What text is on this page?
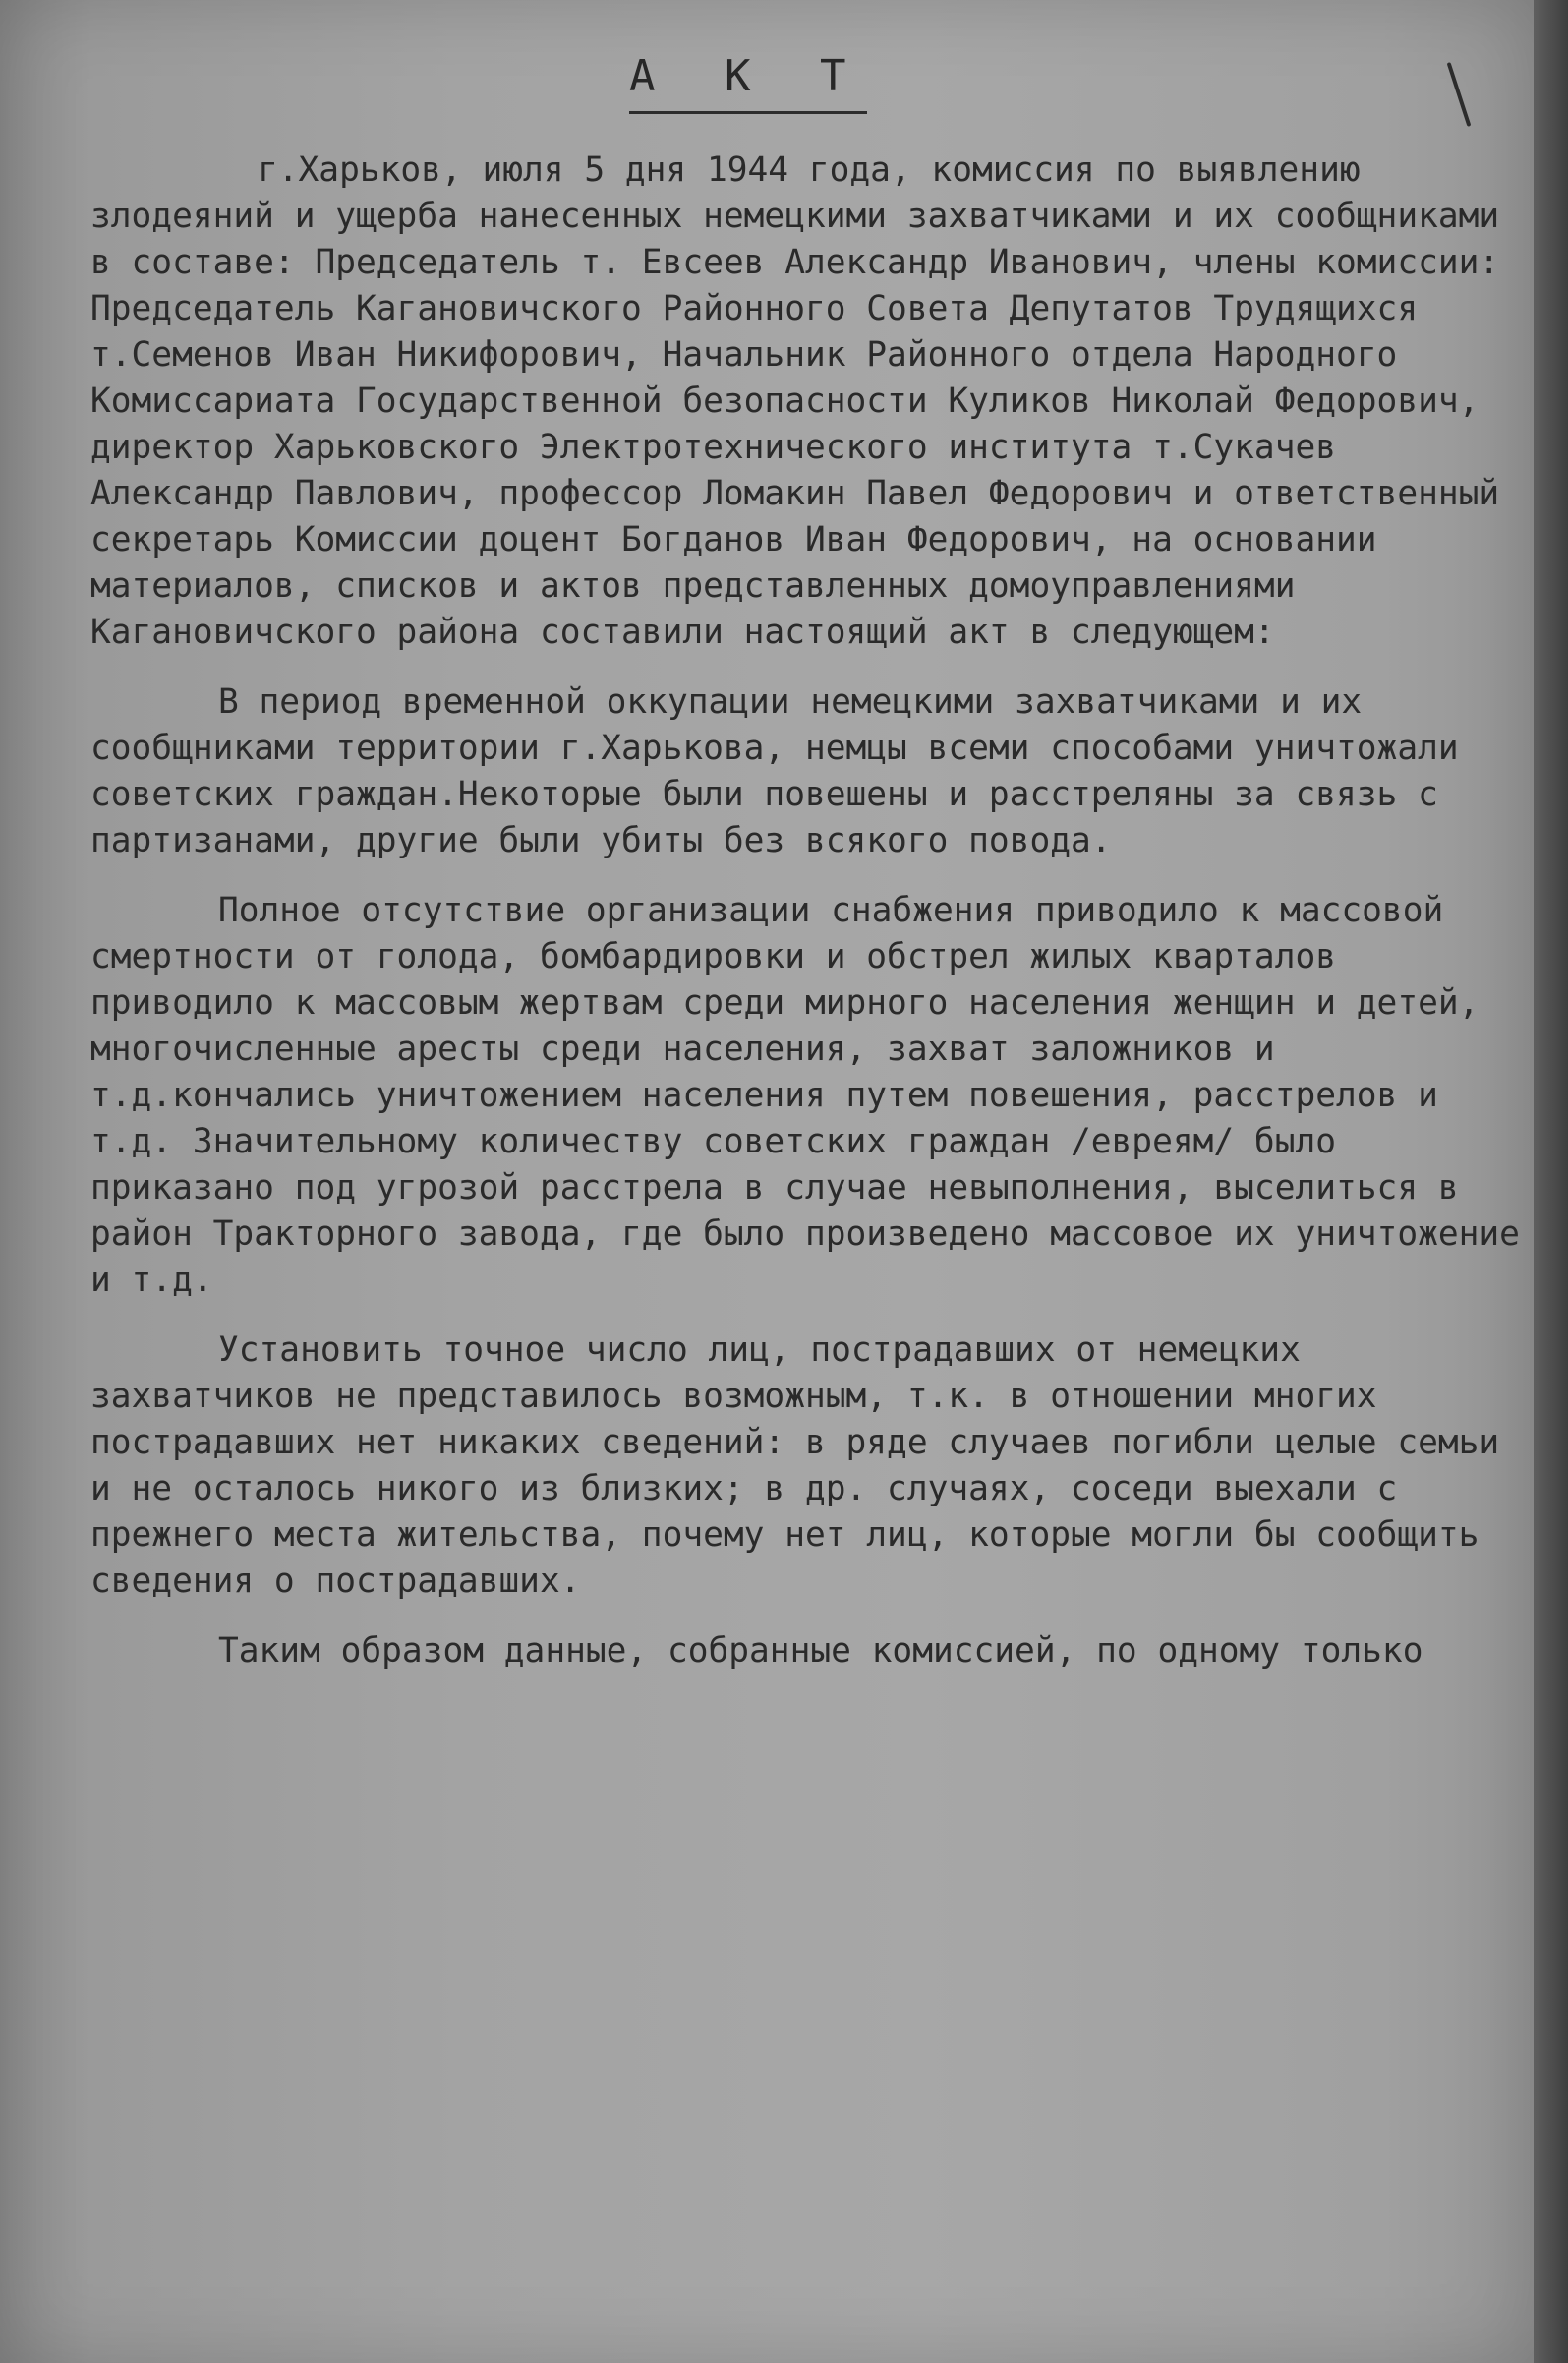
А К Т

г.Харьков, июля 5 дня 1944 года, комиссия по выявлению злодеяний и ущерба нанесенных немецкими захватчиками и их сообщниками в составе: Председатель т. Евсеев Александр Иванович, члены комиссии: Председатель Кагановичского Районного Совета Депутатов Трудящихся т.Семенов Иван Никифорович, Начальник Районного отдела Народного Комиссариата Государственной безопасности Куликов Николай Федорович, директор Харьковского Электротехнического института т.Сукачев Александр Павлович, профессор Ломакин Павел Федорович и ответственный секретарь Комиссии доцент Богданов Иван Федорович, на основании материалов, списков и актов представленных домоуправлениями Кагановичского района составили настоящий акт в следующем:

В период временной оккупации немецкими захватчиками и их сообщниками территории г.Харькова, немцы всеми способами уничтожали советских граждан.Некоторые были повешены и расстреляны за связь с партизанами, другие были убиты без всякого повода.

Полное отсутствие организации снабжения приводило к массовой смертности от голода, бомбардировки и обстрел жилых кварталов приводило к массовым жертвам среди мирного населения женщин и детей, многочисленные аресты среди населения, захват заложников и т.д.кончались уничтожением населения путем повешения, расстрелов и т.д. Значительному количеству советских граждан /евреям/ было приказано под угрозой расстрела в случае невыполнения, выселиться в район Тракторного завода, где было произведено массовое их уничтожение и т.д.

Установить точное число лиц, пострадавших от немецких захватчиков не представилось возможным, т.к. в отношении многих пострадавших нет никаких сведений: в ряде случаев погибли целые семьи и не осталось никого из близких; в др. случаях, соседи выехали с прежнего места жительства, почему нет лиц, которые могли бы сообщить сведения о пострадавших.

Таким образом данные, собранные комиссией, по одному только
